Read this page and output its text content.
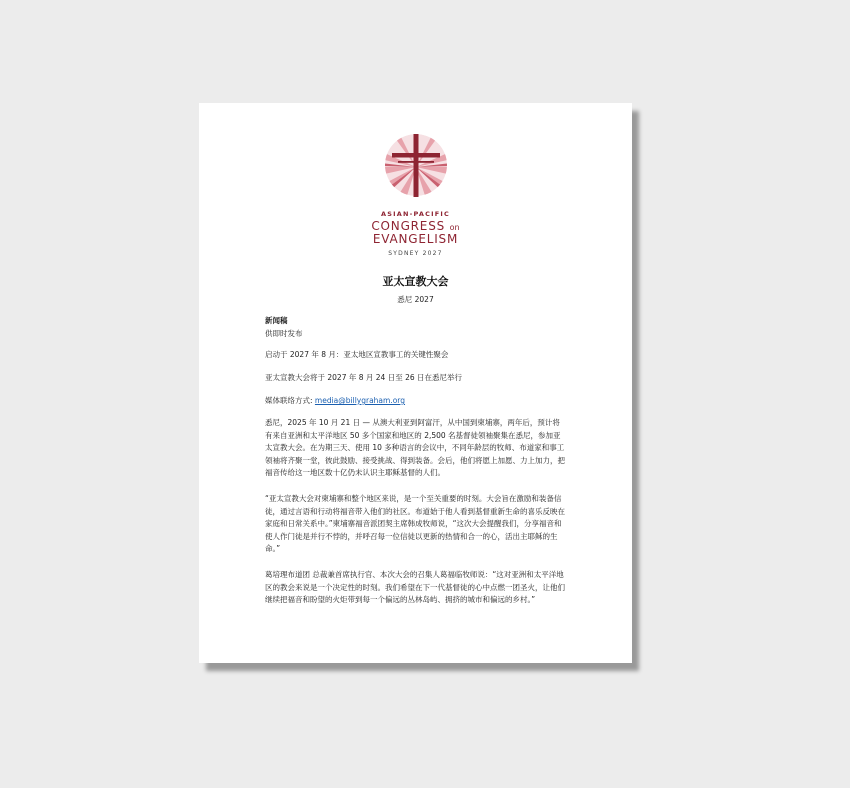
ASIAN-PACIFIC
CONGRESS on
EVANGELISM
SYDNEY 2027
亚太宣教大会
悉尼 2027
新闻稿
供即时发布
启动于 2027 年 8 月：亚太地区宣教事工的关键性聚会
亚太宣教大会将于 2027 年 8 月 24 日至 26 日在悉尼举行
媒体联络方式: media@billygraham.org
悉尼，2025 年 10 月 21 日 — 从澳大利亚到阿富汗，从中国到柬埔寨，两年后，预计将有来自亚洲和太平洋地区 50 多个国家和地区的 2,500 名基督徒领袖聚集在悉尼，参加亚太宣教大会。在为期三天、使用 10 多种语言的会议中，不同年龄层的牧师、布道家和事工领袖将齐聚一堂，彼此鼓励、接受挑战、得到装备。会后，他们将愿上加愿、力上加力，把福音传给这一地区数十亿仍未认识主耶稣基督的人们。
“亚太宣教大会对柬埔寨和整个地区来说，是一个至关重要的时刻。大会旨在激励和装备信徒，通过言语和行动将福音带入他们的社区。布道始于他人看到基督重新生命的喜乐反映在家庭和日常关系中。”柬埔寨福音派团契主席韩成牧师说，“这次大会提醒我们，分享福音和使人作门徒是并行不悖的，并呼召每一位信徒以更新的热情和合一的心，活出主耶稣的生命。”
葛培理布道团 总裁兼首席执行官、本次大会的召集人葛福临牧师说：“这对亚洲和太平洋地区的教会来说是一个决定性的时刻。我们希望在下一代基督徒的心中点燃一团圣火，让他们继续把福音和盼望的火炬带到每一个偏远的丛林岛屿、拥挤的城市和偏远的乡村。”
